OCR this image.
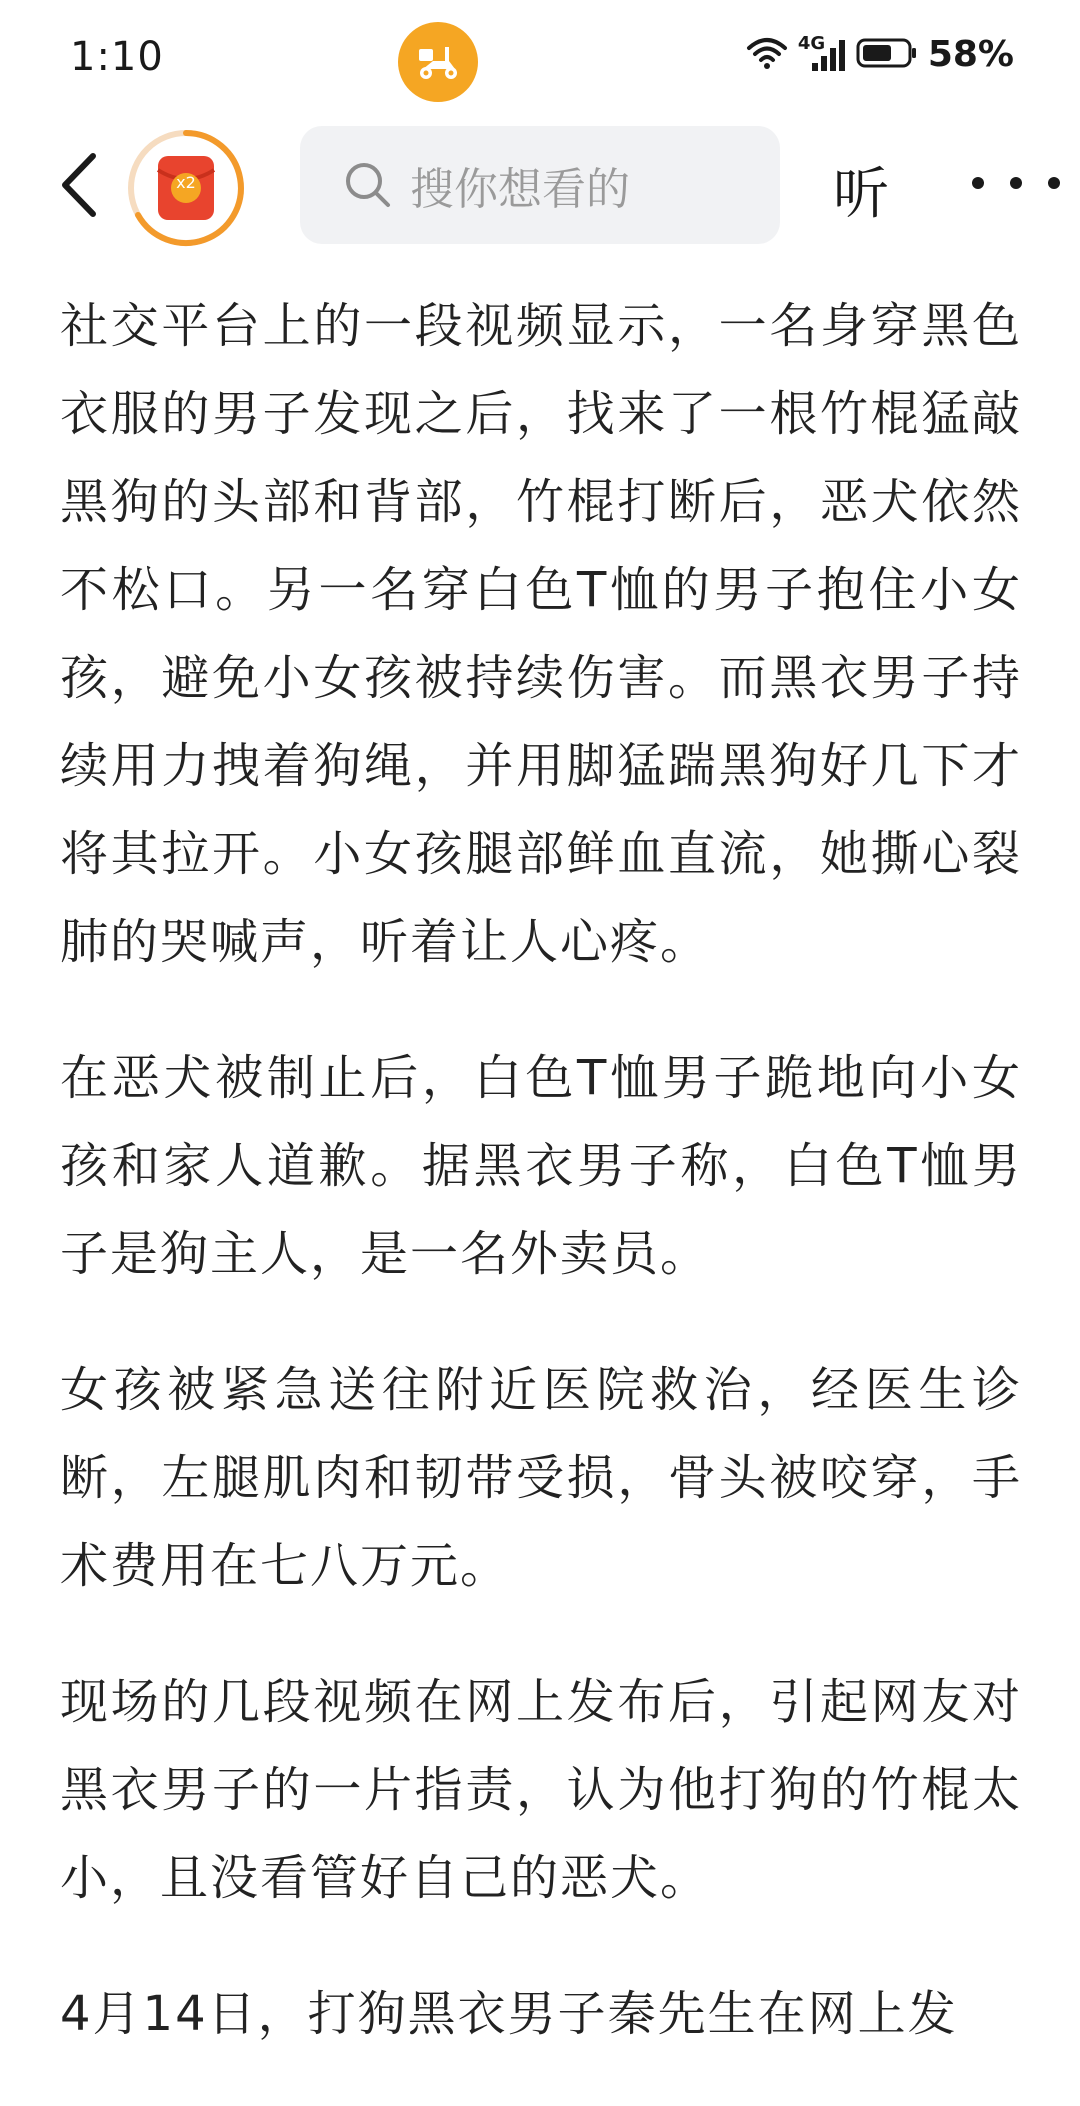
1:10	4G	58%
x2	搜你想看的	听

社交平台上的一段视频显示，一名身穿黑色衣服的男子发现之后，找来了一根竹棍猛敲黑狗的头部和背部，竹棍打断后，恶犬依然不松口。另一名穿白色T恤的男子抱住小女孩，避免小女孩被持续伤害。而黑衣男子持续用力拽着狗绳，并用脚猛踹黑狗好几下才将其拉开。小女孩腿部鲜血直流，她撕心裂肺的哭喊声，听着让人心疼。

在恶犬被制止后，白色T恤男子跪地向小女孩和家人道歉。据黑衣男子称，白色T恤男子是狗主人，是一名外卖员。

女孩被紧急送往附近医院救治，经医生诊断，左腿肌肉和韧带受损，骨头被咬穿，手术费用在七八万元。

现场的几段视频在网上发布后，引起网友对黑衣男子的一片指责，认为他打狗的竹棍太小，且没看管好自己的恶犬。

4月14日，打狗黑衣男子秦先生在网上发
